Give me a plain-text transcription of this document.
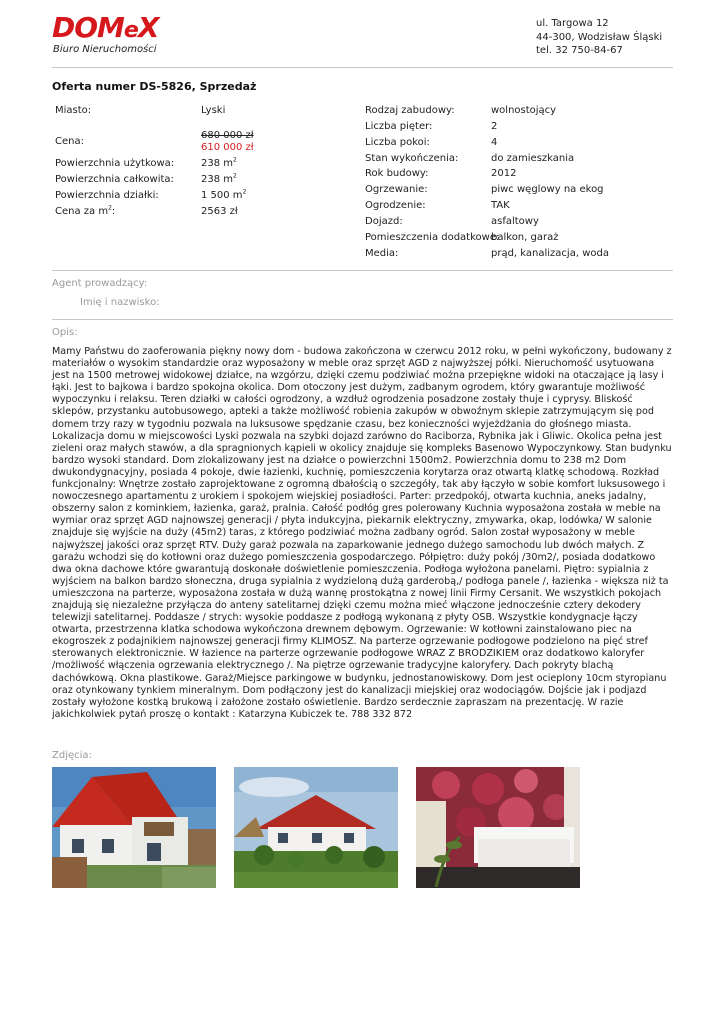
DOMeX
Biuro Nieruchomości
ul. Targowa 12
44-300, Wodzisław Śląski
tel. 32 750-84-67
Oferta numer DS-5826, Sprzedaż
Miasto:	Lyski
Cena:
680 000 zł
610 000 zł
Powierzchnia użytkowa:	238 $m^2$
Powierzchnia całkowita:	238 $m^2$
Powierzchnia działki:	1 500 $m^2$
Cena za $m^2$:	2563 zł
Rodzaj zabudowy:	wolnostojący
Liczba pięter:	2
Liczba pokoi:	4
Stan wykończenia:	do zamieszkania
Rok budowy:	2012
Ogrzewanie:	piwc węglowy na ekog
Ogrodzenie:	TAK
Dojazd:	asfaltowy
Pomieszczenia dodatkowe:
balkon, garaż
Media:	prąd, kanalizacja, woda
Agent prowadzący:
Imię i nazwisko:
Opis:
Mamy Państwu do zaoferowania piękny nowy dom - budowa zakończona w czerwcu 2012 roku, w pełni wykończony, budowany z materiałów o wysokim standardzie oraz wyposażony w meble oraz sprzęt AGD z najwyższej półki. Nieruchomość usytuowana jest na 1500 metrowej widokowej działce, na wzgórzu, dzięki czemu podziwiać można przepiękne widoki na otaczające ją lasy i łąki. Jest to bajkowa i bardzo spokojna okolica. Dom otoczony jest dużym, zadbanym ogrodem, który gwarantuje możliwość wypoczynku i relaksu. Teren działki w całości ogrodzony, a wzdłuż ogrodzenia posadzone zostały thuje i cyprysy. Bliskość sklepów, przystanku autobusowego, apteki a także możliwość robienia zakupów w obwoźnym sklepie zatrzymującym się pod domem trzy razy w tygodniu pozwala na luksusowe spędzanie czasu, bez konieczności wyjeżdżania do głośnego miasta. Lokalizacja domu w miejscowości Lyski pozwala na szybki dojazd zarówno do Raciborza, Rybnika jak i Gliwic. Okolica pełna jest zieleni oraz małych stawów, a dla spragnionych kąpieli w okolicy znajduje się kompleks Basenowo Wypoczynkowy. Stan budynku bardzo wysoki standard. Dom zlokalizowany jest na działce o powierzchni 1500m2. Powierzchnia domu to 238 m2 Dom dwukondygnacyjny, posiada 4 pokoje, dwie łazienki, kuchnię, pomieszczenia korytarza oraz otwartą klatkę schodową. Rozkład funkcjonalny: Wnętrze zostało zaprojektowane z ogromną dbałością o szczegóły, tak aby łączyło w sobie komfort luksusowego i nowoczesnego apartamentu z urokiem i spokojem wiejskiej posiadłości. Parter: przedpokój, otwarta kuchnia, aneks jadalny, obszerny salon z kominkiem, łazienka, garaż, pralnia. Całość podłóg gres polerowany Kuchnia wyposażona została w meble na wymiar oraz sprzęt AGD najnowszej generacji / płyta indukcyjna, piekarnik elektryczny, zmywarka, okap, lodówka/ W salonie znajduje się wyjście na duży (45m2) taras, z którego podziwiać można zadbany ogród. Salon został wyposażony w meble najwyższej jakości oraz sprzęt RTV. Duży garaż pozwala na zaparkowanie jednego dużego samochodu lub dwóch małych. Z garażu wchodzi się do kotłowni oraz dużego pomieszczenia gospodarczego. Półpiętro: duży pokój /30m2/, posiada dodatkowo dwa okna dachowe które gwarantują doskonałe doświetlenie pomieszczenia. Podłoga wyłożona panelami. Piętro: sypialnia z wyjściem na balkon bardzo słoneczna, druga sypialnia z wydzieloną dużą garderobą,/ podłoga panele /, łazienka - większa niż ta umieszczona na parterze, wyposażona została w dużą wannę prostokątna z nowej linii Firmy Cersanit. We wszystkich pokojach znajdują się niezależne przyłącza do anteny satelitarnej dzięki czemu można mieć włączone jednocześnie cztery dekodery telewizji satelitarnej. Poddasze / strych: wysokie poddasze z podłogą wykonaną z płyty OSB. Wszystkie kondygnacje łączy otwarta, przestrzenna klatka schodowa wykończona drewnem dębowym. Ogrzewanie: W kotłowni zainstalowano piec na ekogroszek z podajnikiem najnowszej generacji firmy KLIMOSZ. Na parterze ogrzewanie podłogowe podzielono na pięć stref sterowanych elektronicznie. W łazience na parterze ogrzewanie podłogowe WRAZ Z BRODZIKIEM oraz dodatkowo kaloryfer /możliwość włączenia ogrzewania elektrycznego /. Na piętrze ogrzewanie tradycyjne kaloryfery. Dach pokryty blachą dachówkową. Okna plastikowe. Garaż/Miejsce parkingowe w budynku, jednostanowiskowy. Dom jest ocieplony 10cm styropianu oraz otynkowany tynkiem mineralnym. Dom podłączony jest do kanalizacji miejskiej oraz wodociągów. Dojście jak i podjazd zostały wyłożone kostką brukową i założone zostało oświetlenie. Bardzo serdecznie zapraszam na prezentację. W razie jakichkolwiek pytań proszę o kontakt : Katarzyna Kubiczek te. 788 332 872
Zdjęcia:
